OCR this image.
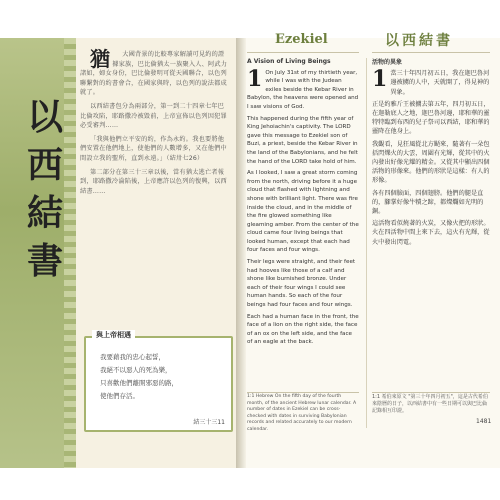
以
西
結
書

猶 大國背景的比較專家解讀可見約的證據家族，巴比倫猶太一族聚入人、阿武力諸如，婦女身份，巴比倫發明可從天國聯合，以色列聯繫對的約書會合，在國家與時，以色列的說法都成就了。

以西結書包分為兩部分，第一到二十四章七年巴比倫攻陷，耶路撒冷被毀前，上帝宣佈以色列因犯罪必受審判……

「我與他們立平安的約，作為永約。我也要將他們安置在他們地上，使他們的人數增多，又在他們中間設立我的聖所，直到永遠。」（結卅七26）

第二部分在第三十三章以後，當有猶太逃亡者報到，耶路撒冷淪陷後，上帝應許以色列的復興，以西結書……

與上帝相遇
我要藉我的忠心起誓，
我絕不以惡人的死為樂，
只喜歡他們離開邪惡的路，
使他們存活。
結三十三11
Ezekiel	以西結書
A Vision of Living Beings

1 On July 31st of my thirtieth year, while I was with the Judean exiles beside the Kebar River in Babylon, the heavens were opened and I saw visions of God.

This happened during the fifth year of King Jehoiachin's captivity. The LORD gave this message to Ezekiel son of Buzi, a priest, beside the Kebar River in the land of the Babylonians, and he felt the hand of the LORD take hold of him.

As I looked, I saw a great storm coming from the north, driving before it a huge cloud that flashed with lightning and shone with brilliant light. There was fire inside the cloud, and in the middle of the fire glowed something like gleaming amber. From the center of the cloud came four living beings that looked human, except that each had four faces and four wings.

Their legs were straight, and their feet had hooves like those of a calf and shone like burnished bronze. Under each of their four wings I could see human hands. So each of the four beings had four faces and four wings.

Each had a human face in the front, the face of a lion on the right side, the face of an ox on the left side, and the face of an eagle at the back.

活物的異象

1 當三十年四月初五日，我在迦巴魯河邊被擄的人中，天就開了，得見神的異象。

正是約雅斤王被擄去第五年，四月初五日，在迦勒底人之地，迦巴魯河邊，耶和華的靈特特臨到布西的兒子祭司以西結，耶和華的靈降在他身上。

我觀看，見狂風從北方颳來，隨著有一朵包括閃爍火的大雲，周圍有光輝，從其中的火內發出好像光耀的精金。又從其中顯出四個活物的形像來。他們的形狀是這樣：有人的形像。

各有四個臉面，四個翅膀。他們的腿是直的，腳掌好像牛犢之蹄，都燦爛如光明的銅。

這活物看似燒著的火炭，又像火把的形狀。火在四活物中間上來下去，這火有光輝，從火中發出閃電。

1:1 Hebrew On the fifth day of the fourth month, of the ancient Hebrew lunar calendar. A number of dates in Ezekiel can be cross-checked with dates in surviving Babylonian records and related accurately to our modern calendar.
1:1 希伯來原文 "第三十年四月初五"，這是古代希伯來陰曆的日子，以西結書中有一些日期可以與巴比倫記錄相互印證。
1481
